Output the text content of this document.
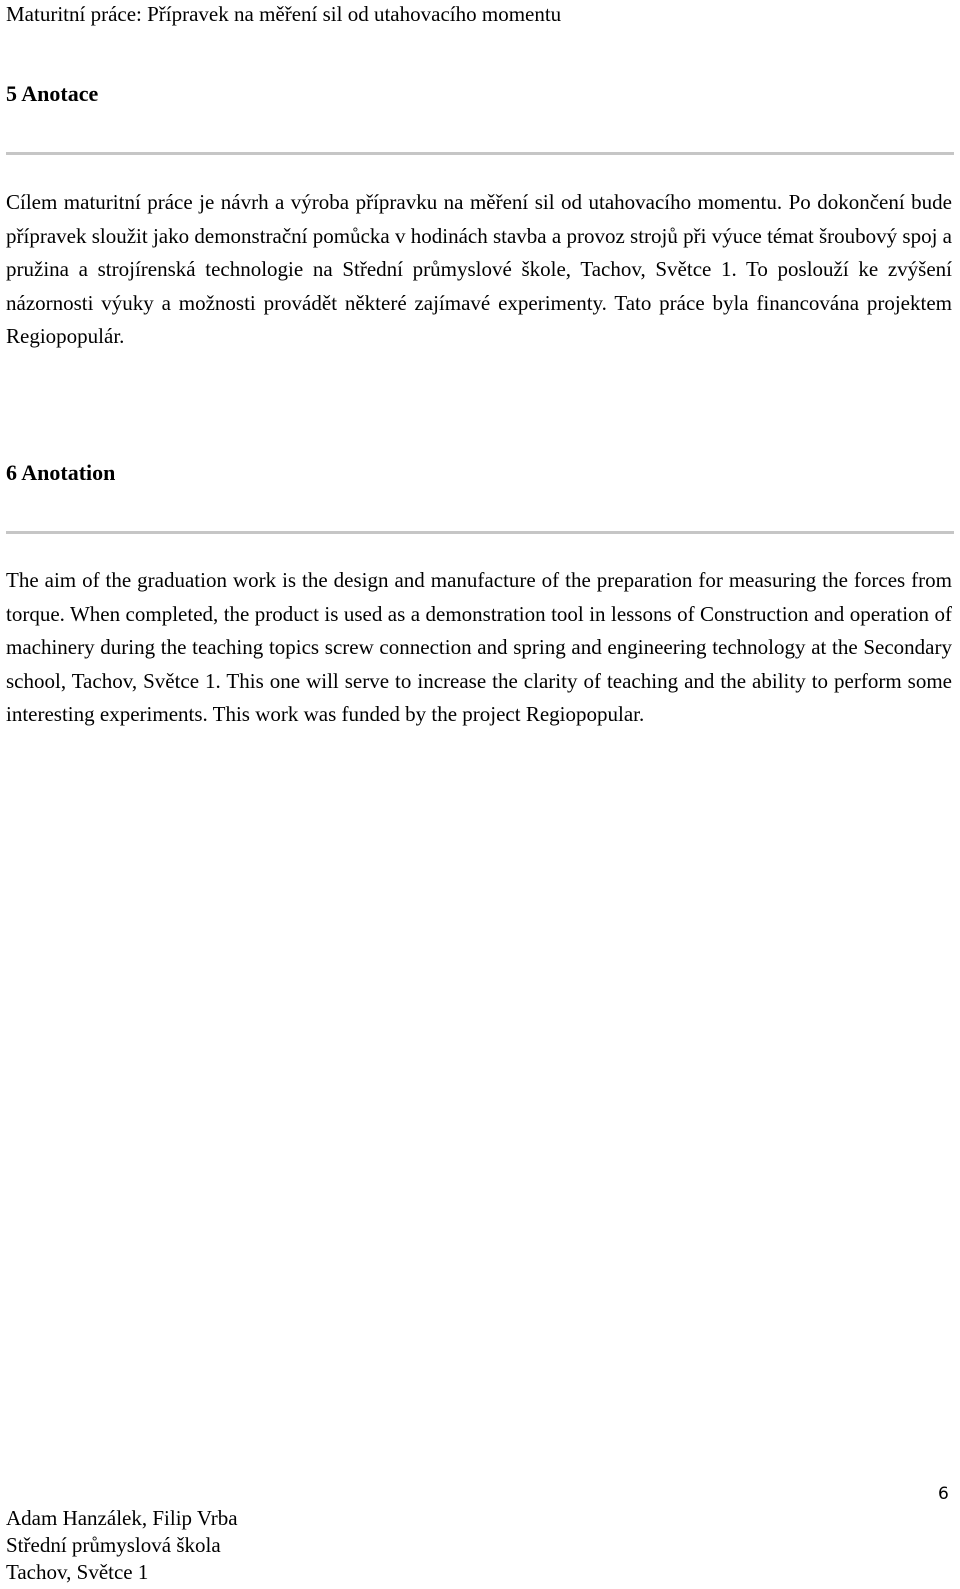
Maturitní práce: Přípravek na měření sil od utahovacího momentu
5 Anotace

Cílem maturitní práce je návrh a výroba přípravku na měření sil od utahovacího momentu. Po dokončení bude přípravek sloužit jako demonstrační pomůcka v hodinách stavba a provoz strojů při výuce témat šroubový spoj a pružina a strojírenská technologie na Střední průmyslové škole, Tachov, Světce 1. To poslouží ke zvýšení názornosti výuky a možnosti provádět některé zajímavé experimenty. Tato práce byla financována projektem Regiopopulár.

6 Anotation

The aim of the graduation work is the design and manufacture of the preparation for measuring the forces from torque. When completed, the product is used as a demonstration tool in lessons of Construction and operation of machinery during the teaching topics screw connection and spring and engineering technology at the Secondary school, Tachov, Světce 1. This one will serve to increase the clarity of teaching and the ability to perform some interesting experiments. This work was funded by the project Regiopopular.

6
Adam Hanzálek, Filip Vrba
Střední průmyslová škola
Tachov, Světce 1
